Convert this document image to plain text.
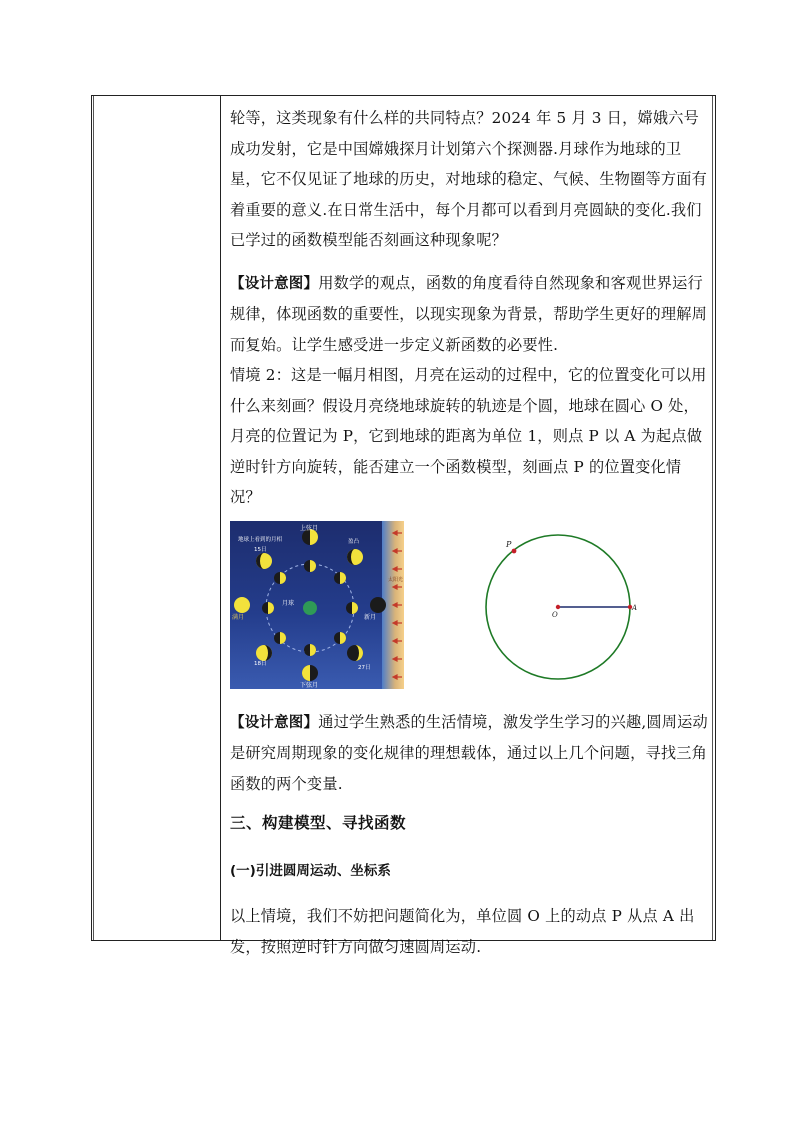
轮等，这类现象有什么样的共同特点？2024 年 5 月 3 日，嫦娥六号成功发射，它是中国嫦娥探月计划第六个探测器.月球作为地球的卫星，它不仅见证了地球的历史，对地球的稳定、气候、生物圈等方面有着重要的意义.在日常生活中，每个月都可以看到月亮圆缺的变化.我们已学过的函数模型能否刻画这种现象呢？

【设计意图】用数学的观点，函数的角度看待自然现象和客观世界运行规律，体现函数的重要性，以现实现象为背景，帮助学生更好的理解周而复始。让学生感受进一步定义新函数的必要性.

情境 2：这是一幅月相图，月亮在运动的过程中，它的位置变化可以用什么来刻画？假设月亮绕地球旋转的轨迹是个圆，地球在圆心 O 处，月亮的位置记为 P，它到地球的距离为单位 1，则点 P 以 A 为起点做逆时针方向旋转，能否建立一个函数模型，刻画点 P 的位置变化情况？

上弦月
下弦月
满月	新月
盈凸
地球上看到的月相
月球
15日
18日
27日
太阳光
P
O
A

【设计意图】通过学生熟悉的生活情境，激发学生学习的兴趣,圆周运动是研究周期现象的变化规律的理想载体，通过以上几个问题，寻找三角函数的两个变量.

三、构建模型、寻找函数
(一)引进圆周运动、坐标系

以上情境，我们不妨把问题简化为，单位圆 O 上的动点 P 从点 A 出发，按照逆时针方向做匀速圆周运动.
